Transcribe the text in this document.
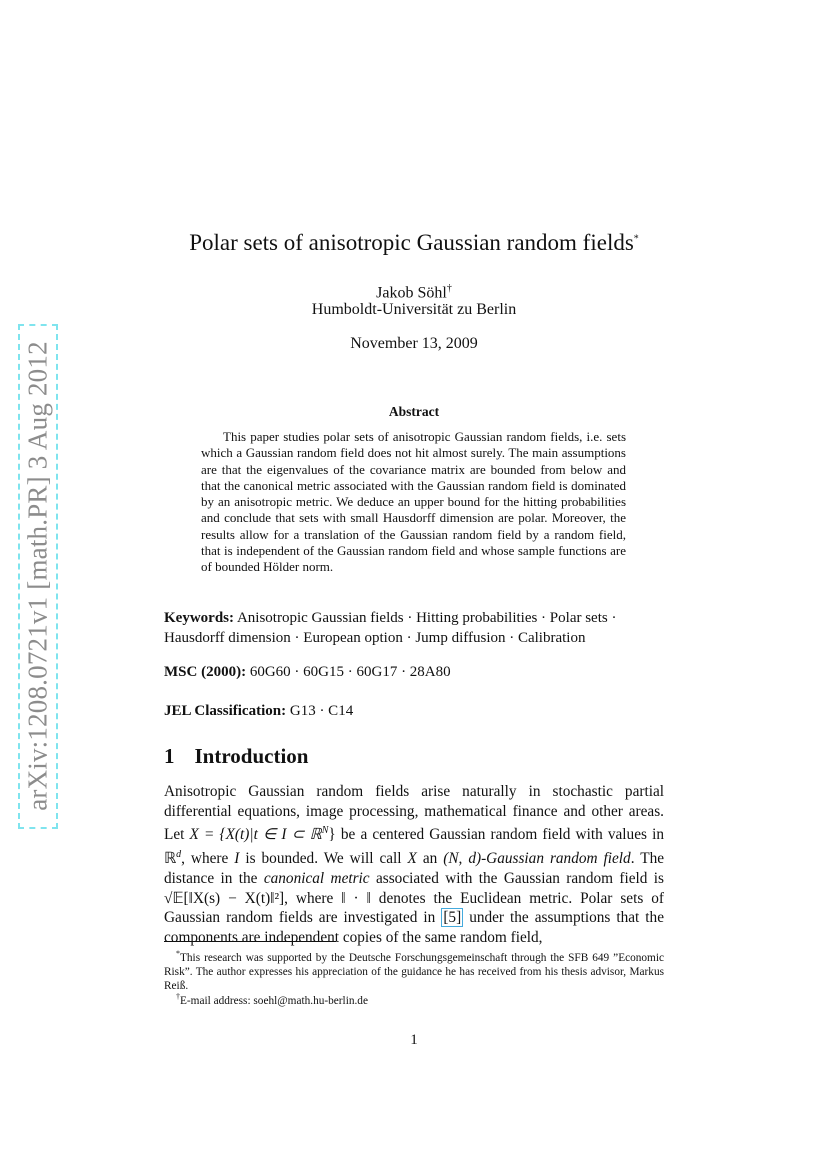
arXiv:1208.0721v1 [math.PR] 3 Aug 2012
Polar sets of anisotropic Gaussian random fields*
Jakob Söhl†
Humboldt-Universität zu Berlin
November 13, 2009
Abstract
This paper studies polar sets of anisotropic Gaussian random fields, i.e. sets which a Gaussian random field does not hit almost surely. The main assumptions are that the eigenvalues of the covariance matrix are bounded from below and that the canonical metric associated with the Gaussian random field is dominated by an anisotropic metric. We deduce an upper bound for the hitting probabilities and conclude that sets with small Hausdorff dimension are polar. Moreover, the results allow for a translation of the Gaussian random field by a random field, that is independent of the Gaussian random field and whose sample functions are of bounded Hölder norm.
Keywords: Anisotropic Gaussian fields · Hitting probabilities · Polar sets · Hausdorff dimension · European option · Jump diffusion · Calibration
MSC (2000): 60G60 · 60G15 · 60G17 · 28A80
JEL Classification: G13 · C14
1 Introduction
Anisotropic Gaussian random fields arise naturally in stochastic partial differential equations, image processing, mathematical finance and other areas. Let X = {X(t)|t ∈ I ⊂ ℝ$^N$} be a centered Gaussian random field with values in ℝ$^d$, where I is bounded. We will call X an (N, d)-Gaussian random field. The distance in the canonical metric associated with the Gaussian random field is √𝔼[‖X(s) − X(t)‖²], where ‖ · ‖ denotes the Euclidean metric. Polar sets of Gaussian random fields are investigated in [5] under the assumptions that the components are independent copies of the same random field,
*This research was supported by the Deutsche Forschungsgemeinschaft through the SFB 649 ”Economic Risk”. The author expresses his appreciation of the guidance he has received from his thesis advisor, Markus Reiß.
†E-mail address: soehl@math.hu-berlin.de
1
